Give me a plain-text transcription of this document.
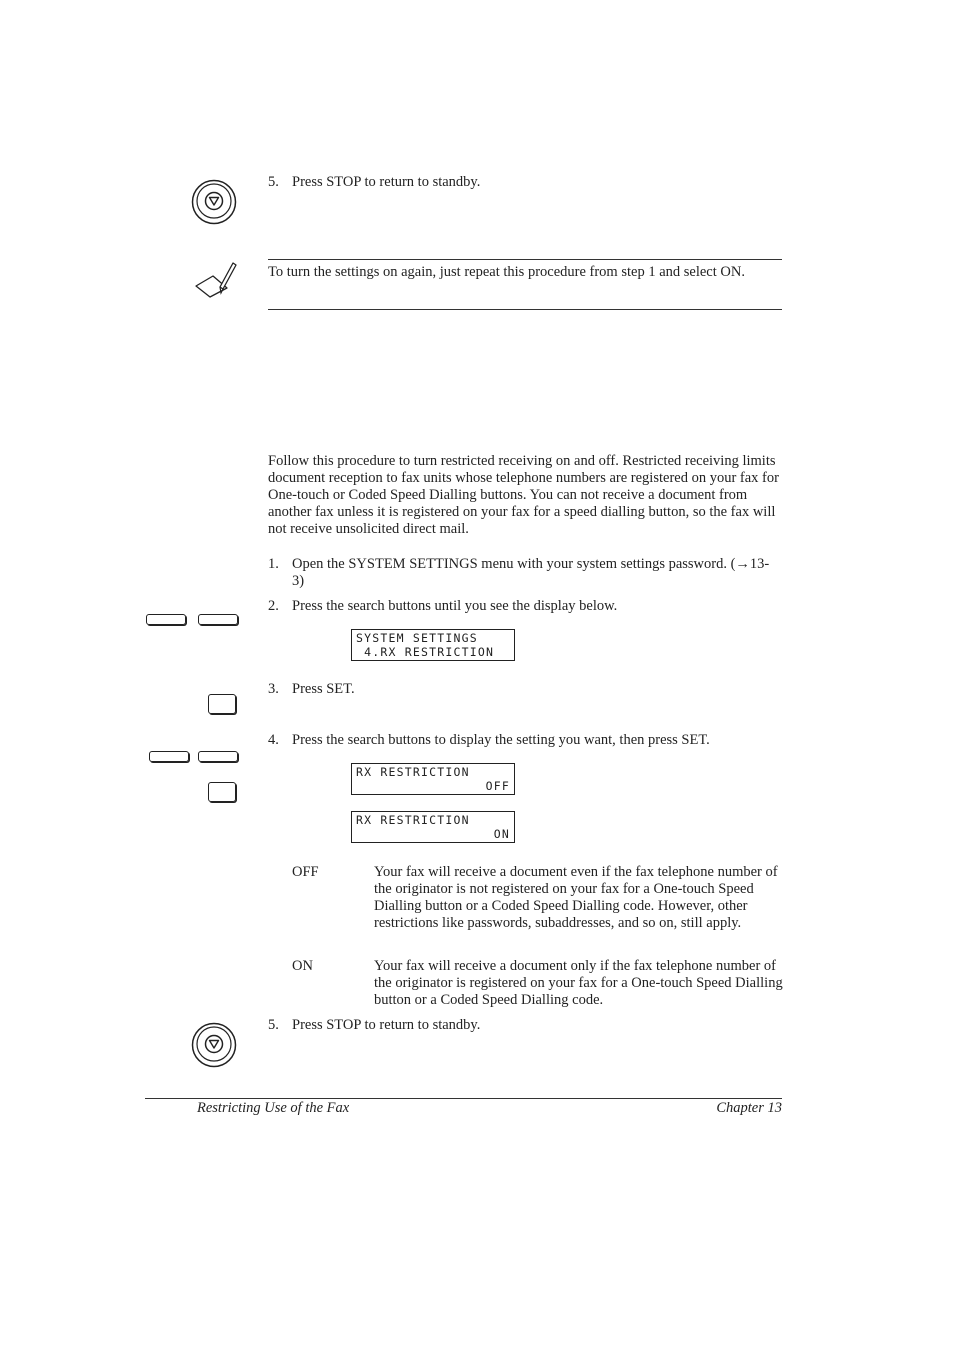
5. Press STOP to return to standby.
To turn the settings on again, just repeat this procedure from step 1 and select ON.
Follow this procedure to turn restricted receiving on and off. Restricted receiving limits document reception to fax units whose telephone numbers are registered on your fax for One-touch or Coded Speed Dialling buttons. You can not receive a document from another fax unless it is registered on your fax for a speed dialling button, so the fax will not receive unsolicited direct mail.
1. Open the SYSTEM SETTINGS menu with your system settings password. (→13-3)
2. Press the search buttons until you see the display below.
SYSTEM SETTINGS
4.RX RESTRICTION
3. Press SET.
4. Press the search buttons to display the setting you want, then press SET.
RX RESTRICTION
OFF
RX RESTRICTION
ON
OFF	Your fax will receive a document even if the fax telephone number of the originator is not registered on your fax for a One-touch Speed Dialling button or a Coded Speed Dialling code. However, other restrictions like passwords, subaddresses, and so on, still apply.
ON	Your fax will receive a document only if the fax telephone number of the originator is registered on your fax for a One-touch Speed Dialling button or a Coded Speed Dialling code.
5. Press STOP to return to standby.
Restricting Use of the Fax	Chapter 13
